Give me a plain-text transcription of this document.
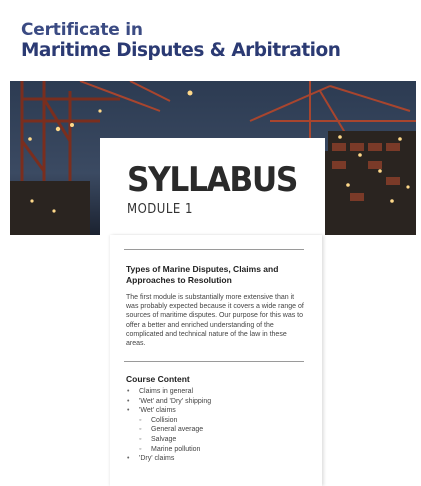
Certificate in
Maritime Disputes & Arbitration
SYLLABUS
MODULE 1
Types of Marine Disputes, Claims and Approaches to Resolution
The first module is substantially more extensive than it was probably expected because it covers a wide range of sources of maritime disputes. Our purpose for this was to offer a better and enriched understanding of the complicated and technical nature of the law in these areas.
Course Content
• Claims in general
• 'Wet' and 'Dry' shipping
• 'Wet' claims
◦ Collision
◦ General average
◦ Salvage
◦ Marine pollution
• 'Dry' claims
